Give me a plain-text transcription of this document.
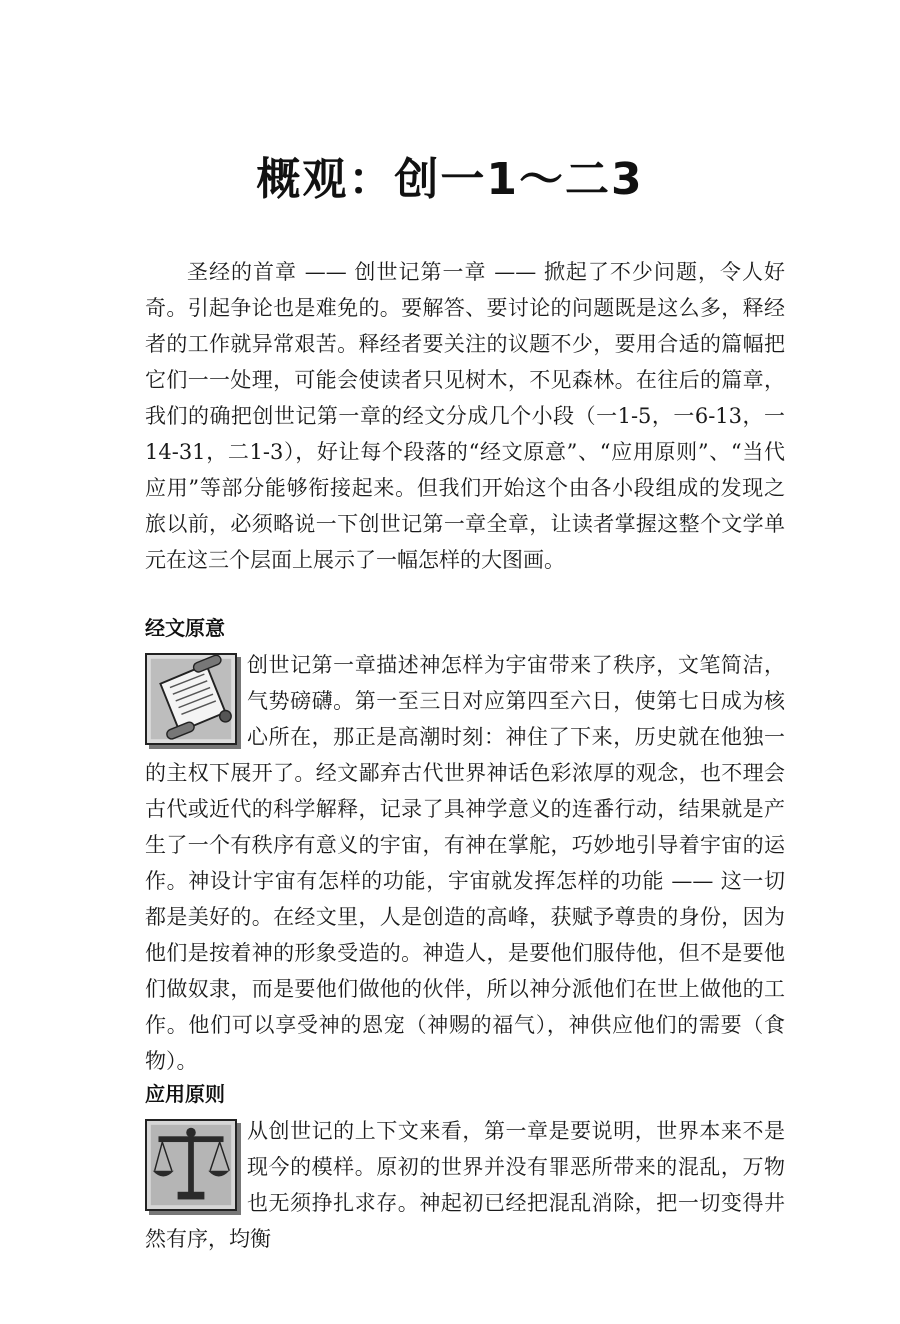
概观：创一1～二3

圣经的首章 —— 创世记第一章 —— 掀起了不少问题，令人好奇。引起争论也是难免的。要解答、要讨论的问题既是这么多，释经者的工作就异常艰苦。释经者要关注的议题不少，要用合适的篇幅把它们一一处理，可能会使读者只见树木，不见森林。在往后的篇章，我们的确把创世记第一章的经文分成几个小段（一1-5，一6-13，一14-31，二1-3），好让每个段落的“经文原意”、“应用原则”、“当代应用”等部分能够衔接起来。但我们开始这个由各小段组成的发现之旅以前，必须略说一下创世记第一章全章，让读者掌握这整个文学单元在这三个层面上展示了一幅怎样的大图画。

经文原意
创世记第一章描述神怎样为宇宙带来了秩序，文笔简洁，气势磅礴。第一至三日对应第四至六日，使第七日成为核心所在，那正是高潮时刻：神住了下来，历史就在他独一的主权下展开了。经文鄙弃古代世界神话色彩浓厚的观念，也不理会古代或近代的科学解释，记录了具神学意义的连番行动，结果就是产生了一个有秩序有意义的宇宙，有神在掌舵，巧妙地引导着宇宙的运作。神设计宇宙有怎样的功能，宇宙就发挥怎样的功能 —— 这一切都是美好的。在经文里，人是创造的高峰，获赋予尊贵的身份，因为他们是按着神的形象受造的。神造人，是要他们服侍他，但不是要他们做奴隶，而是要他们做他的伙伴，所以神分派他们在世上做他的工作。他们可以享受神的恩宠（神赐的福气），神供应他们的需要（食物）。
应用原则
从创世记的上下文来看，第一章是要说明，世界本来不是现今的模样。原初的世界并没有罪恶所带来的混乱，万物也无须挣扎求存。神起初已经把混乱消除，把一切变得井然有序，均衡
